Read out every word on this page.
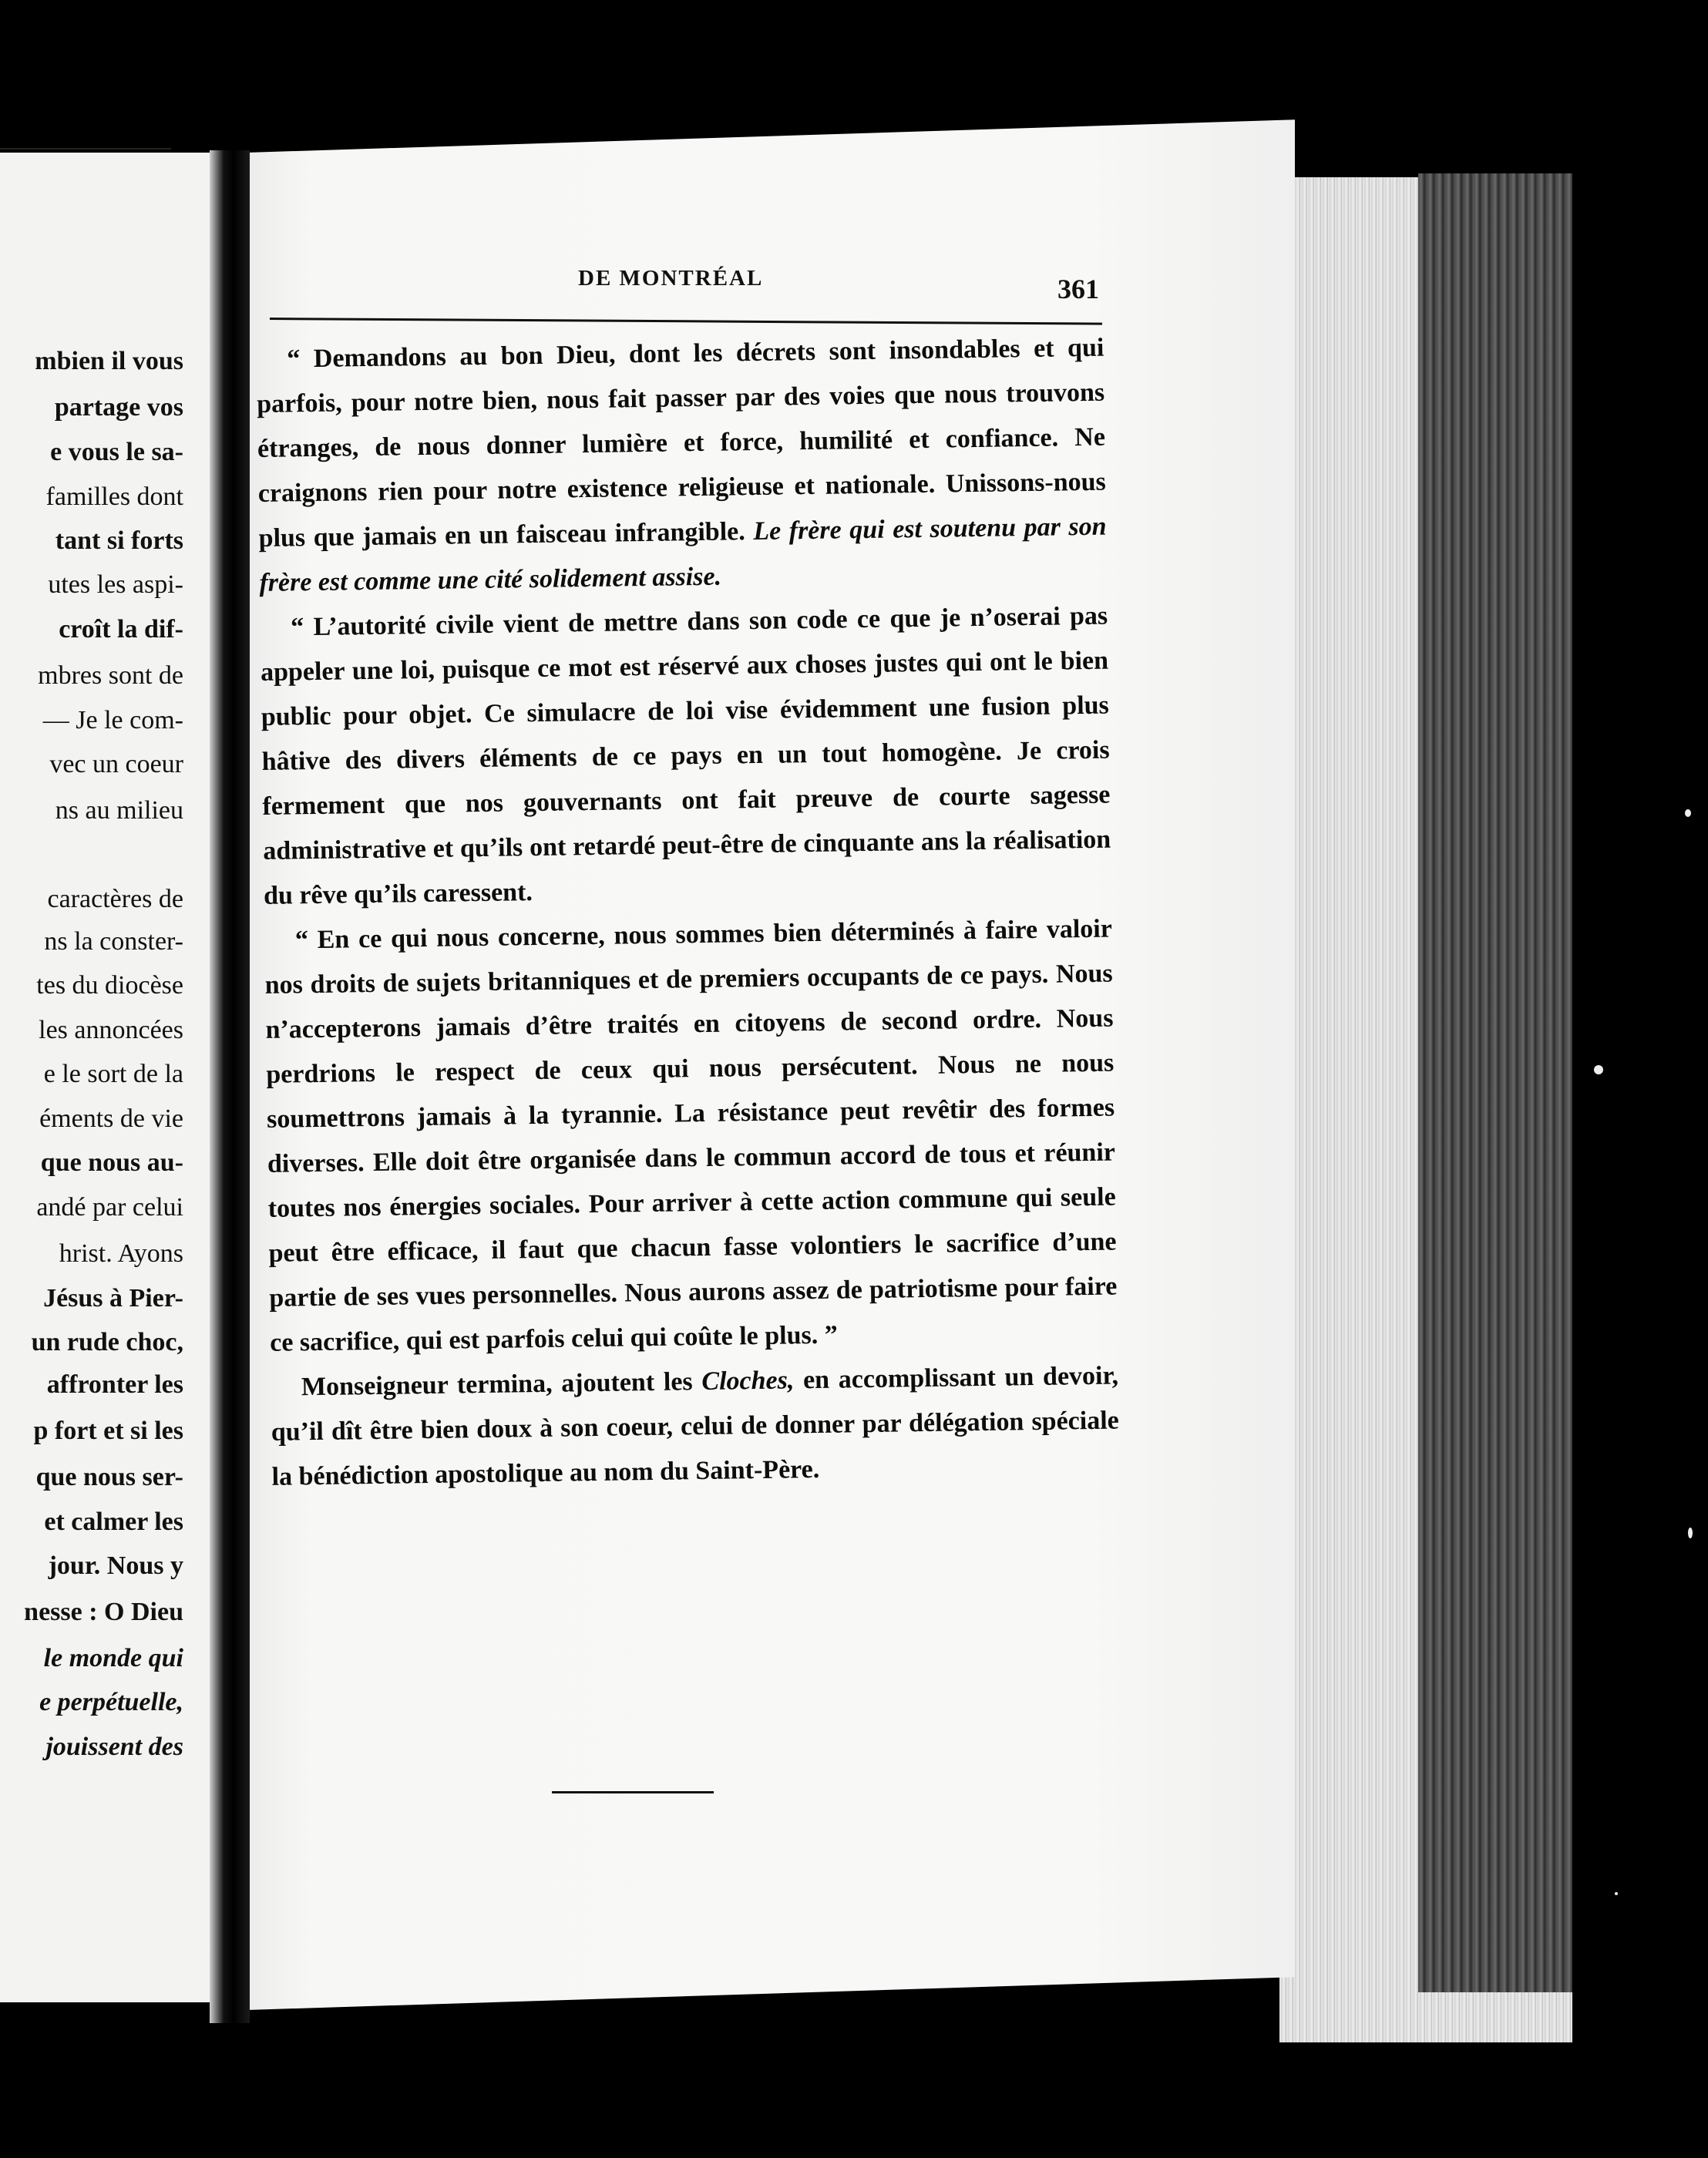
mbien il vous
partage vos
e vous le sa-
familles dont
tant si forts
utes les aspi-
croît la dif-
mbres sont de
— Je le com-
vec un coeur
ns au milieu
caractères de
ns la conster-
tes du diocèse
les annoncées
e le sort de la
éments de vie
que nous au-
andé par celui
hrist. Ayons
Jésus à Pier-
un rude choc,
affronter les
p fort et si les
que nous ser-
et calmer les
jour. Nous y
nesse : O Dieu
le monde qui
e perpétuelle,
jouissent des
DE MONTRÉAL	361

“ Demandons au bon Dieu, dont les décrets sont insondables et qui parfois, pour notre bien, nous fait passer par des voies que nous trouvons étranges, de nous donner lumière et force, humilité et confiance. Ne craignons rien pour notre existence religieuse et nationale. Unissons-nous plus que jamais en un faisceau infrangible. Le frère qui est soutenu par son frère est comme une cité solidement assise.

“ L’autorité civile vient de mettre dans son code ce que je n’oserai pas appeler une loi, puisque ce mot est réservé aux choses justes qui ont le bien public pour objet. Ce simulacre de loi vise évidemment une fusion plus hâtive des divers éléments de ce pays en un tout homogène. Je crois fermement que nos gouvernants ont fait preuve de courte sagesse administrative et qu’ils ont retardé peut-être de cinquante ans la réalisation du rêve qu’ils caressent.

“ En ce qui nous concerne, nous sommes bien déterminés à faire valoir nos droits de sujets britanniques et de premiers occupants de ce pays. Nous n’accepterons jamais d’être traités en citoyens de second ordre. Nous perdrions le respect de ceux qui nous persécutent. Nous ne nous soumettrons jamais à la tyrannie. La résistance peut revêtir des formes diverses. Elle doit être organisée dans le commun accord de tous et réunir toutes nos énergies sociales. Pour arriver à cette action commune qui seule peut être efficace, il faut que chacun fasse volontiers le sacrifice d’une partie de ses vues personnelles. Nous aurons assez de patriotisme pour faire ce sacrifice, qui est parfois celui qui coûte le plus. ”

Monseigneur termina, ajoutent les Cloches, en accomplissant un devoir, qu’il dît être bien doux à son coeur, celui de donner par délégation spéciale la bénédiction apostolique au nom du Saint-Père.
